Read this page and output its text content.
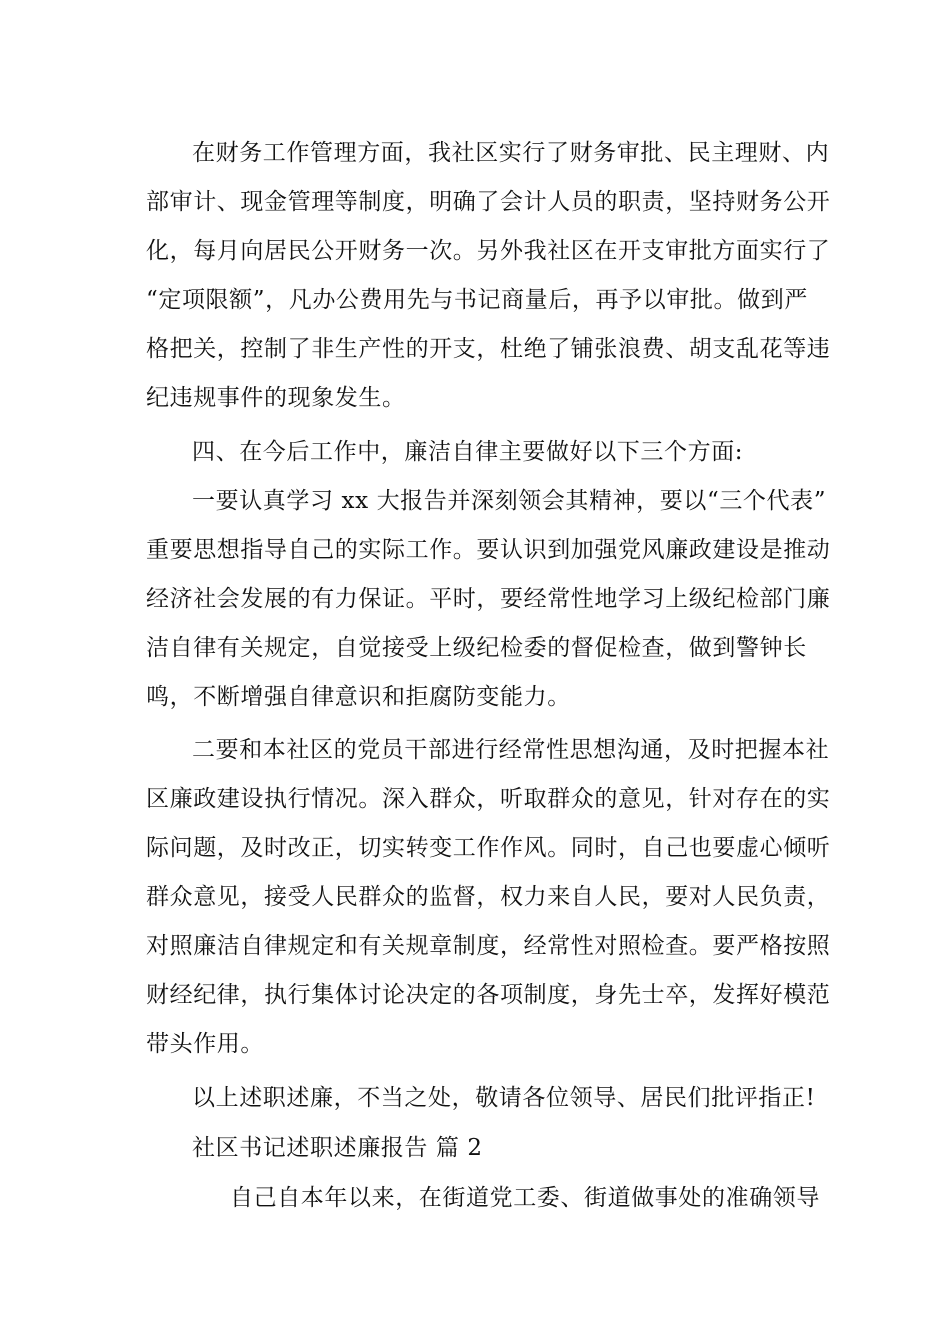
在财务工作管理方面，我社区实行了财务审批、民主理财、内
部审计、现金管理等制度，明确了会计人员的职责，坚持财务公开
化，每月向居民公开财务一次。另外我社区在开支审批方面实行了
“定项限额”，凡办公费用先与书记商量后，再予以审批。做到严
格把关，控制了非生产性的开支，杜绝了铺张浪费、胡支乱花等违
纪违规事件的现象发生。
四、在今后工作中，廉洁自律主要做好以下三个方面:
一要认真学习 xx 大报告并深刻领会其精神，要以“三个代表”
重要思想指导自己的实际工作。要认识到加强党风廉政建设是推动
经济社会发展的有力保证。平时，要经常性地学习上级纪检部门廉
洁自律有关规定，自觉接受上级纪检委的督促检查，做到警钟长
鸣，不断增强自律意识和拒腐防变能力。
二要和本社区的党员干部进行经常性思想沟通，及时把握本社
区廉政建设执行情况。深入群众，听取群众的意见，针对存在的实
际问题，及时改正，切实转变工作作风。同时，自己也要虚心倾听
群众意见，接受人民群众的监督，权力来自人民，要对人民负责，
对照廉洁自律规定和有关规章制度，经常性对照检查。要严格按照
财经纪律，执行集体讨论决定的各项制度，身先士卒，发挥好模范
带头作用。
以上述职述廉，不当之处，敬请各位领导、居民们批评指正!
社区书记述职述廉报告 篇 2
自己自本年以来，在街道党工委、街道做事处的准确领导
